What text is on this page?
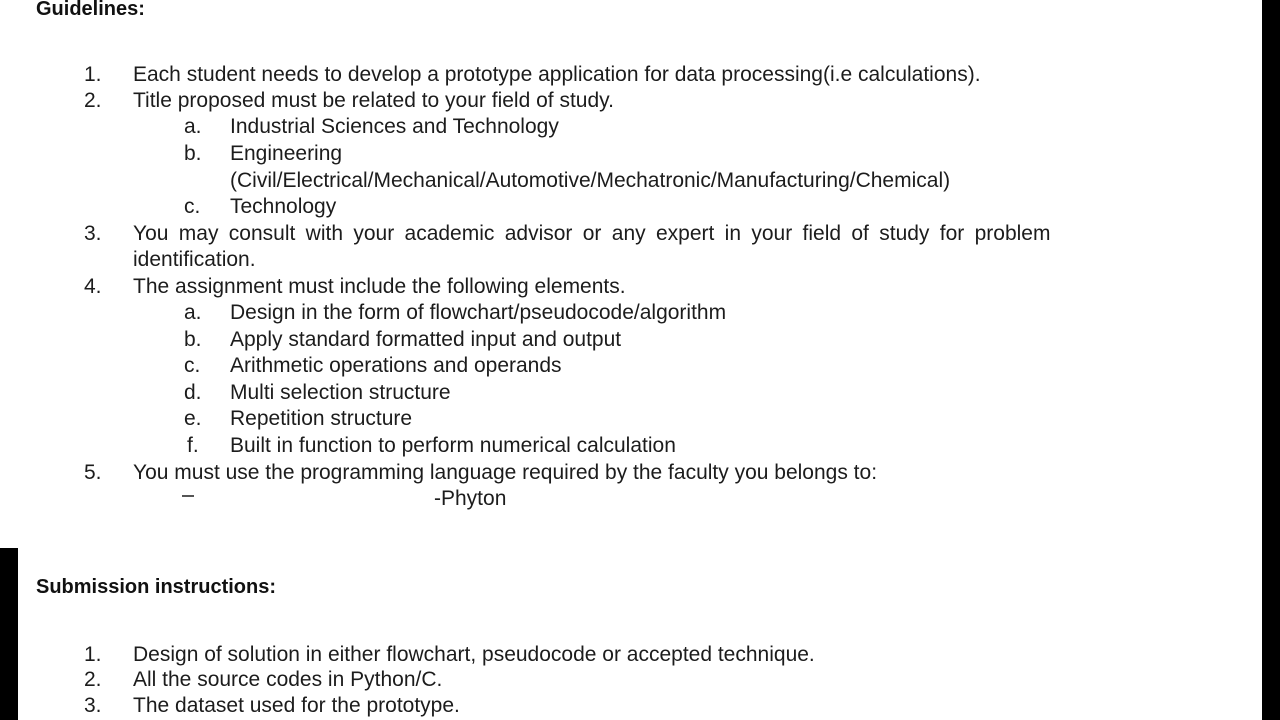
Guidelines:
1. Each student needs to develop a prototype application for data processing(i.e calculations).
2. Title proposed must be related to your field of study.
a. Industrial Sciences and Technology
b. Engineering
(Civil/Electrical/Mechanical/Automotive/Mechatronic/Manufacturing/Chemical)
c. Technology
3. You may consult with your academic advisor or any expert in your field of study for problem
identification.
4. The assignment must include the following elements.
a. Design in the form of flowchart/pseudocode/algorithm
b. Apply standard formatted input and output
c. Arithmetic operations and operands
d. Multi selection structure
e. Repetition structure
f. Built in function to perform numerical calculation
5. You must use the programming language required by the faculty you belongs to:
-Phyton
Submission instructions:
1. Design of solution in either flowchart, pseudocode or accepted technique.
2. All the source codes in Python/C.
3. The dataset used for the prototype.
